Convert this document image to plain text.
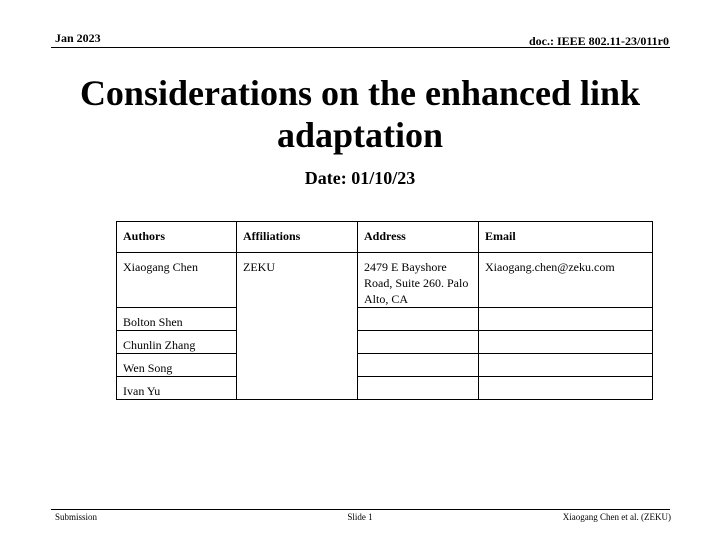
Jan 2023	doc.: IEEE 802.11-23/011r0
Considerations on the enhanced link adaptation
Date: 01/10/23
Authors	Affiliations	Address	Email
Xiaogang Chen	ZEKU	2479 E Bayshore Road, Suite 260. Palo Alto, CA	Xiaogang.chen@zeku.com
Bolton Shen			
Chunlin Zhang			
Wen Song			
Ivan Yu			
Submission	Slide 1	Xiaogang Chen et al. (ZEKU)
